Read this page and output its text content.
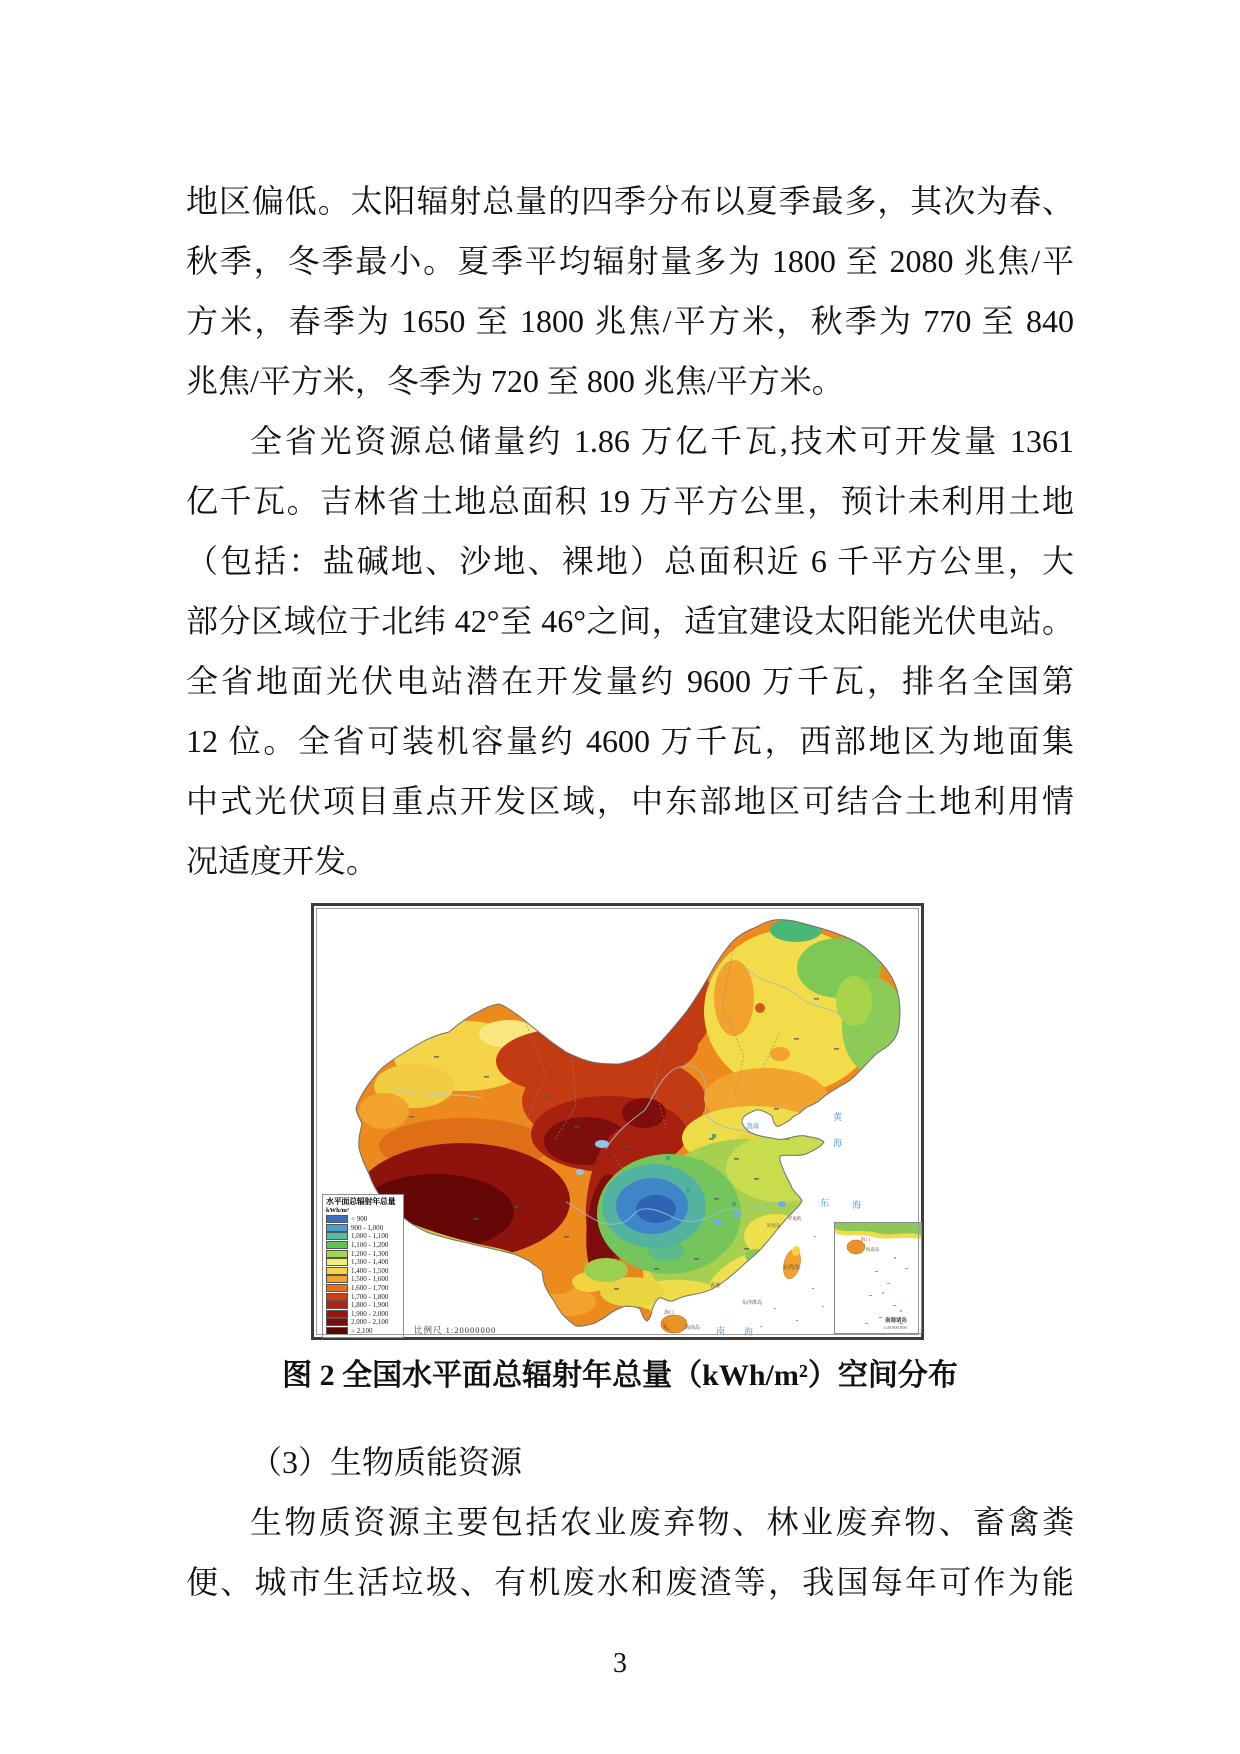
地区偏低。太阳辐射总量的四季分布以夏季最多，其次为春、
秋季，冬季最小。夏季平均辐射量多为 1800 至 2080 兆焦/平
方米，春季为 1650 至 1800 兆焦/平方米，秋季为 770 至 840
兆焦/平方米，冬季为 720 至 800 兆焦/平方米。
全省光资源总储量约 1.86 万亿千瓦,技术可开发量 1361
亿千瓦。吉林省土地总面积 19 万平方公里，预计未利用土地
（包括：盐碱地、沙地、裸地）总面积近 6 千平方公里，大
部分区域位于北纬 42°至 46°之间，适宜建设太阳能光伏电站。
全省地面光伏电站潜在开发量约 9600 万千瓦，排名全国第
12 位。全省可装机容量约 4600 万千瓦，西部地区为地面集
中式光伏项目重点开发区域，中东部地区可结合土地利用情
况适度开发。
渤海
黄
海
东	海
南 海
台湾岛
海口
海南岛
东沙群岛
香港
钓鱼岛
赤尾屿
水平面总辐射年总量
kWh/m²
< 900
900 - 1,000
1,000 - 1,100
1,100 - 1,200
1,200 - 1,300
1,300 - 1,400
1,400 - 1,500
1,500 - 1,600
1,600 - 1,700
1,700 - 1,800
1,800 - 1,900
1,900 - 2,000
2,000 - 2,100
> 2,100	比例尺 1:20000000
海口
海南岛
南海诸岛
1:40 000 000
图 2 全国水平面总辐射年总量（kWh/m²）空间分布
（3）生物质能资源
生物质资源主要包括农业废弃物、林业废弃物、畜禽粪
便、城市生活垃圾、有机废水和废渣等，我国每年可作为能
3
